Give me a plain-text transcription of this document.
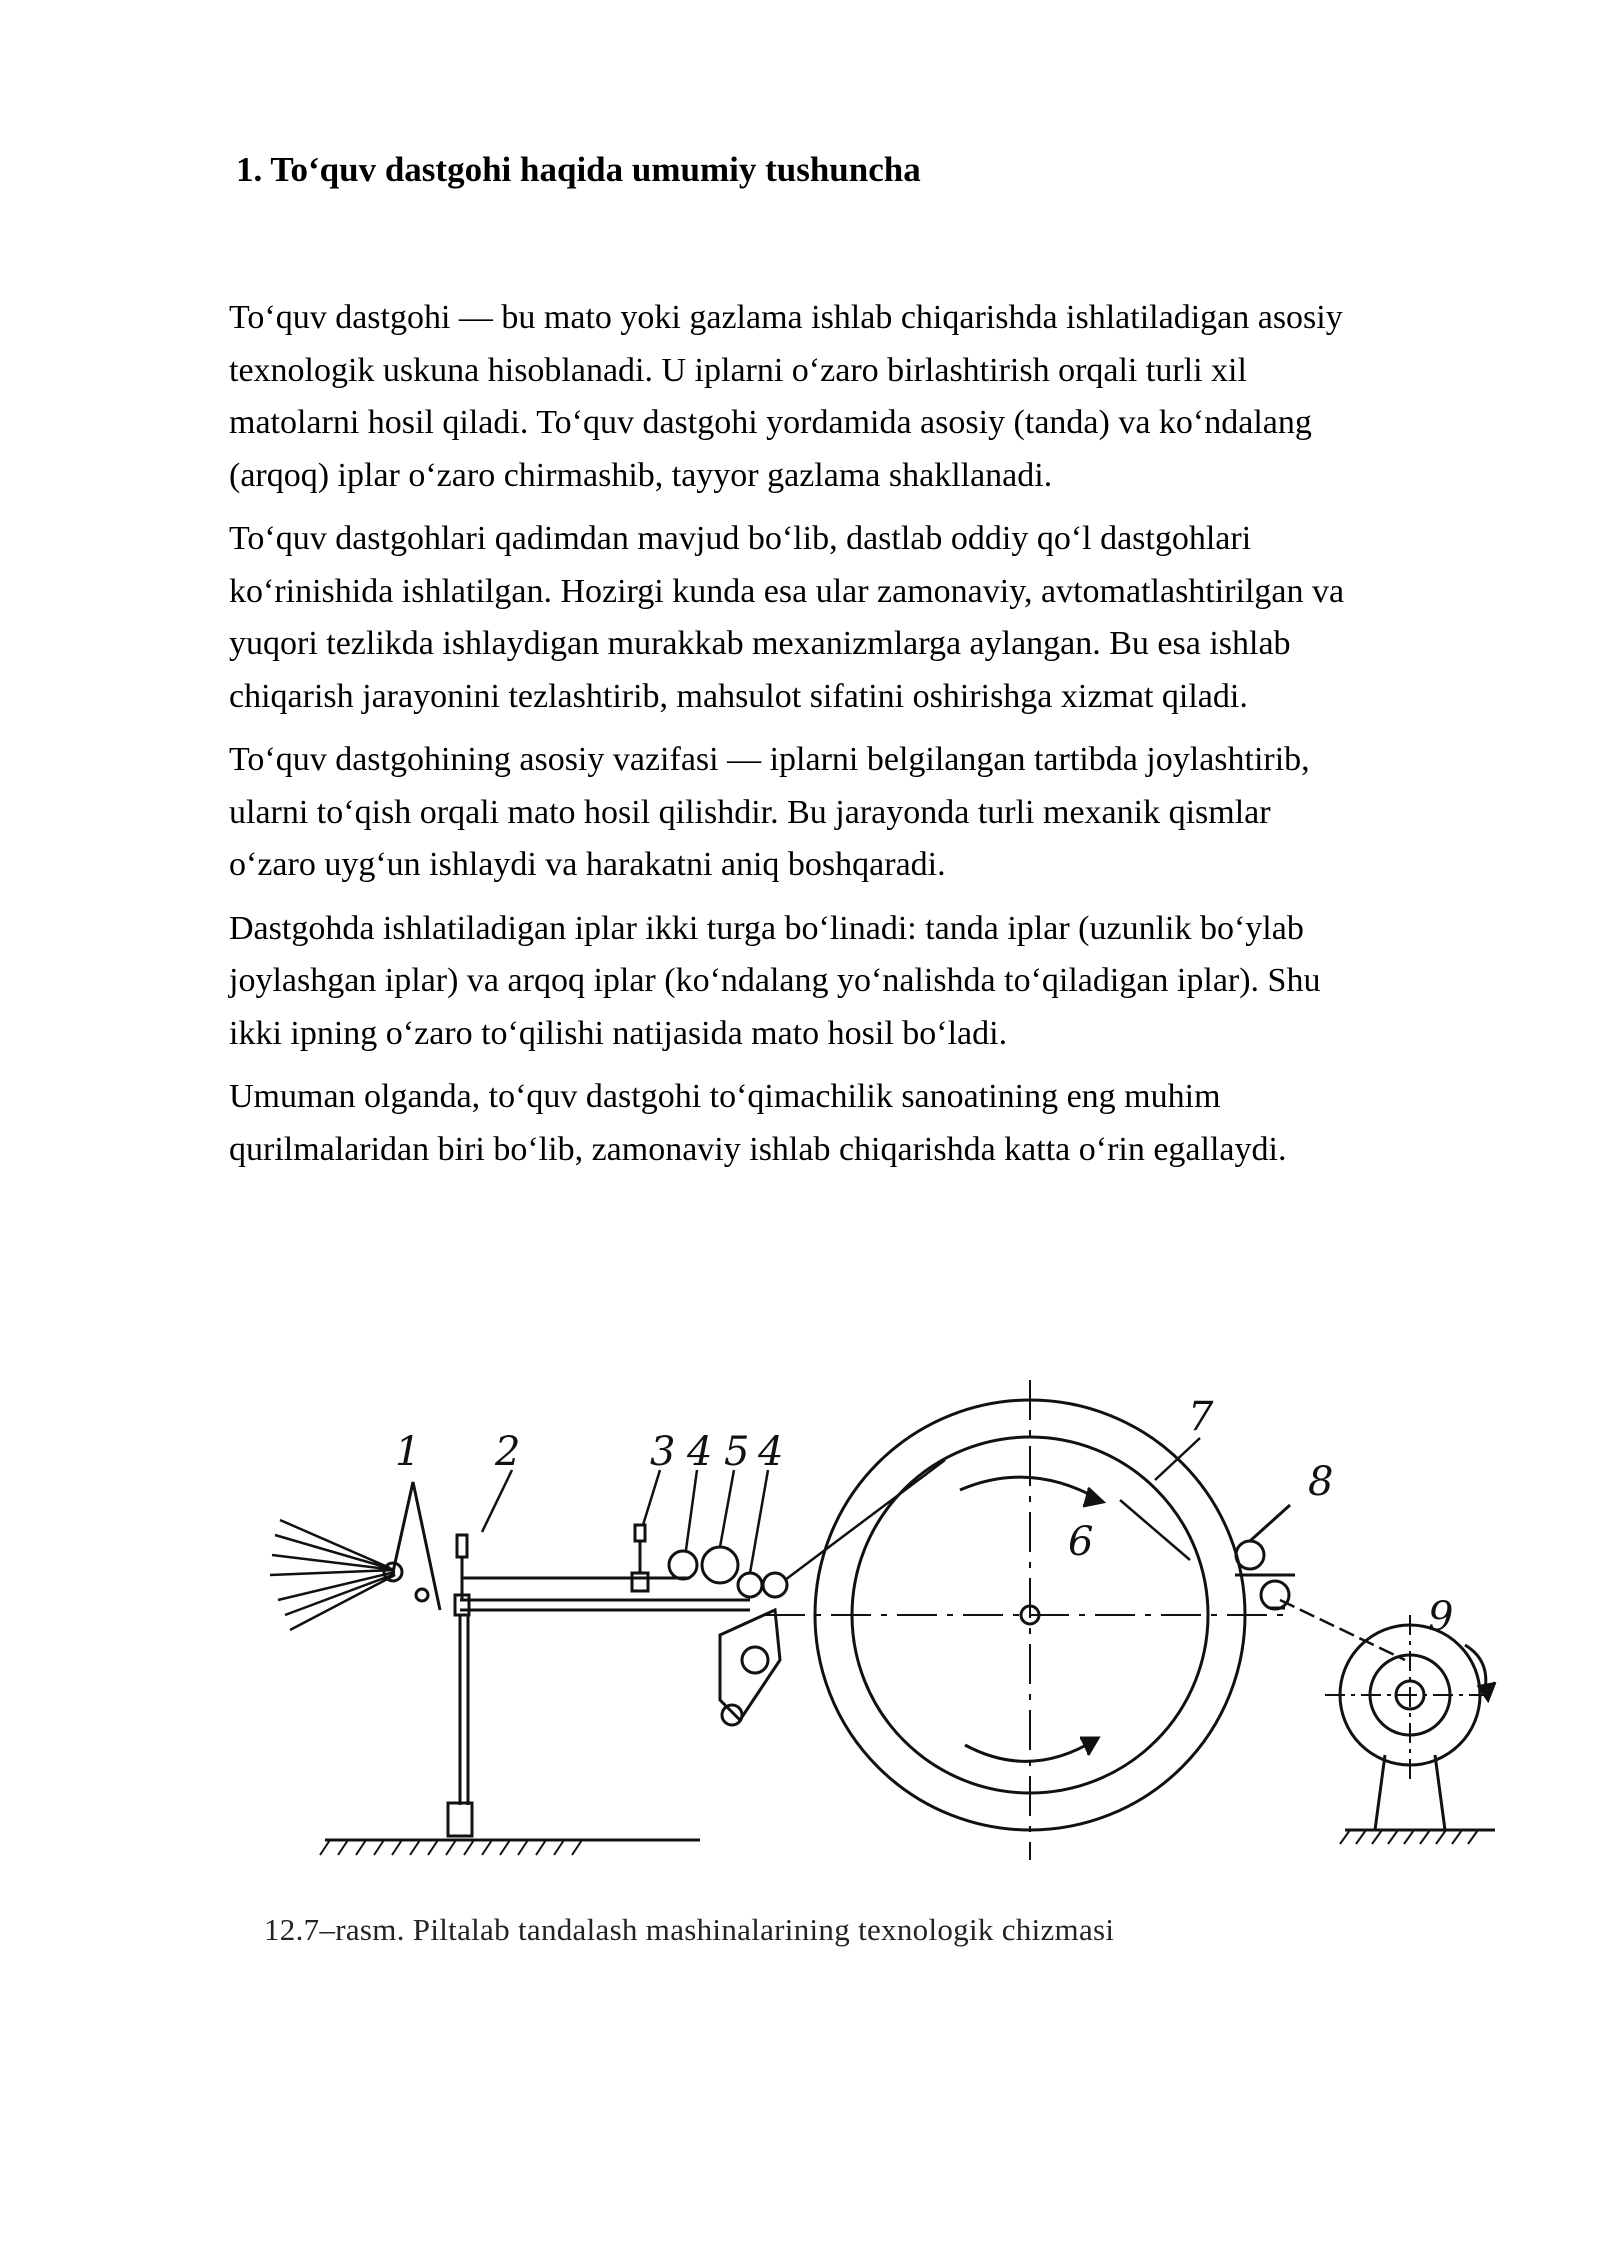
1. To‘quv dastgohi haqida umumiy tushuncha

To‘quv dastgohi — bu mato yoki gazlama ishlab chiqarishda ishlatiladigan asosiy
texnologik uskuna hisoblanadi. U iplarni o‘zaro birlashtirish orqali turli xil
matolarni hosil qiladi. To‘quv dastgohi yordamida asosiy (tanda) va ko‘ndalang
(arqoq) iplar o‘zaro chirmashib, tayyor gazlama shakllanadi.

To‘quv dastgohlari qadimdan mavjud bo‘lib, dastlab oddiy qo‘l dastgohlari
ko‘rinishida ishlatilgan. Hozirgi kunda esa ular zamonaviy, avtomatlashtirilgan va
yuqori tezlikda ishlaydigan murakkab mexanizmlarga aylangan. Bu esa ishlab
chiqarish jarayonini tezlashtirib, mahsulot sifatini oshirishga xizmat qiladi.

To‘quv dastgohining asosiy vazifasi — iplarni belgilangan tartibda joylashtirib,
ularni to‘qish orqali mato hosil qilishdir. Bu jarayonda turli mexanik qismlar
o‘zaro uyg‘un ishlaydi va harakatni aniq boshqaradi.

Dastgohda ishlatiladigan iplar ikki turga bo‘linadi: tanda iplar (uzunlik bo‘ylab
joylashgan iplar) va arqoq iplar (ko‘ndalang yo‘nalishda to‘qiladigan iplar). Shu
ikki ipning o‘zaro to‘qilishi natijasida mato hosil bo‘ladi.

Umuman olganda, to‘quv dastgohi to‘qimachilik sanoatining eng muhim
qurilmalaridan biri bo‘lib, zamonaviy ishlab chiqarishda katta o‘rin egallaydi.

1 2	3 4 5 4
6
7
8
9
12.7–rasm. Piltalab tandalash mashinalarining texnologik chizmasi
